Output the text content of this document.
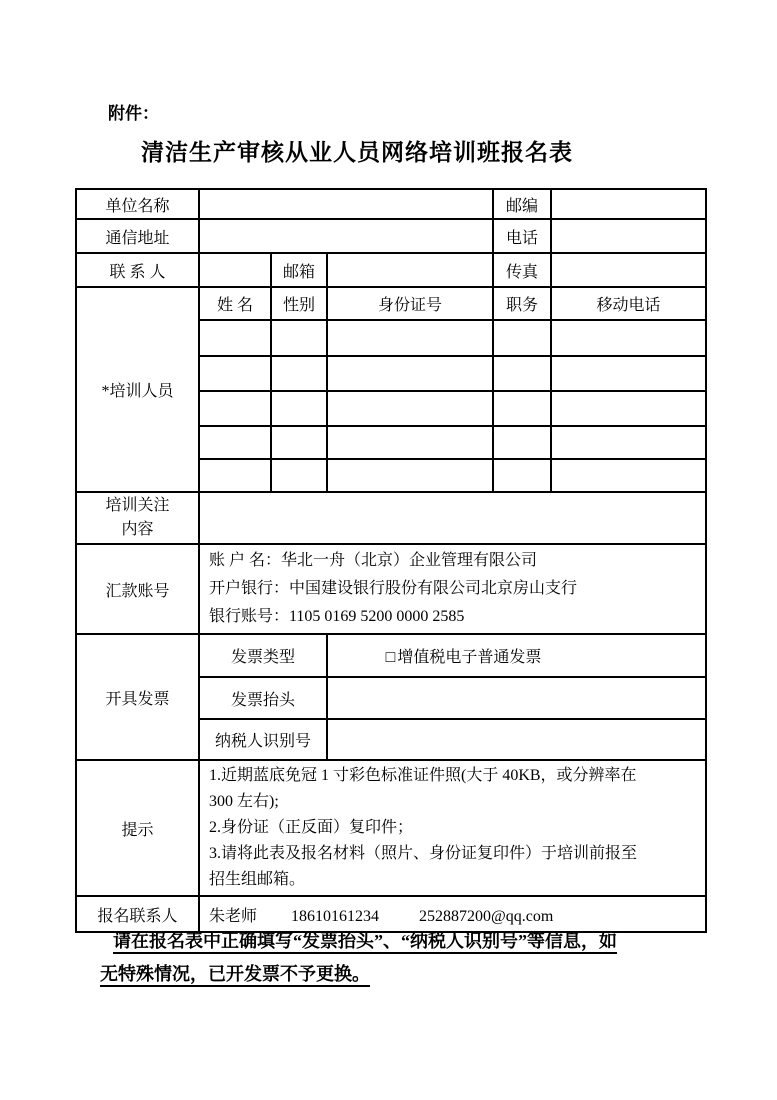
附件：
清洁生产审核从业人员网络培训班报名表
单位名称				邮编	
通信地址				电话	
联 系 人		邮箱		传真	
*培训人员	姓 名	性别	身份证号	职务	移动电话

培训关注
内容					

汇款账号	账 户 名：华北一舟（北京）企业管理有限公司
开户银行：中国建设银行股份有限公司北京房山支行
银行账号：1105 0169 5200 0000 2585				

开具发票	发票类型		□ 增值税电子普通发票		
	发票抬头				
	纳税人识别号				
提示	1.近期蓝底免冠 1 寸彩色标准证件照(大于 40KB，或分辨率在
300 左右);
2.身份证（正反面）复印件；
3.请将此表及报名材料（照片、身份证复印件）于培训前报至
招生组邮箱。				

报名联系人	朱老师 18610161234 252887200@qq.com				
请在报名表中正确填写“发票抬头”、“纳税人识别号”等信息，如
无特殊情况，已开发票不予更换。
